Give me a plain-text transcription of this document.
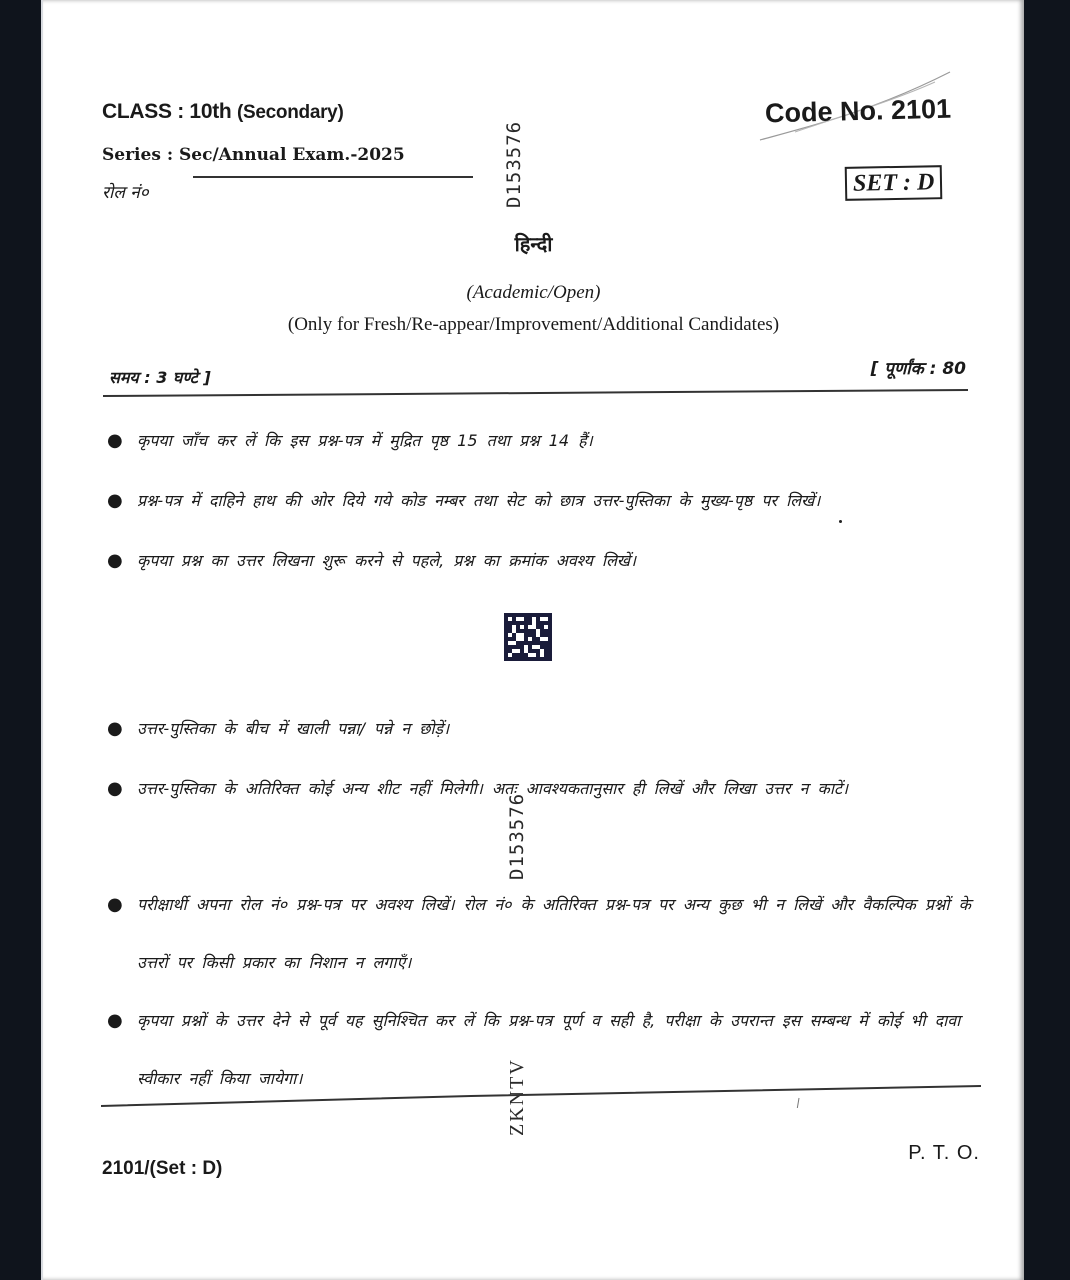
CLASS : 10th (Secondary)
Series : Sec/Annual Exam.-2025
रोल नं०	D153576
D153576
ZKNTV
Code No. 2101
SET : D
हिन्दी
(Academic/Open)
(Only for Fresh/Re-appear/Improvement/Additional Candidates)
समय : 3 घण्टे ]	[ पूर्णांक : 80
● कृपया जाँच कर लें कि इस प्रश्न-पत्र में मुद्रित पृष्ठ 15 तथा प्रश्न 14 हैं।
● प्रश्न-पत्र में दाहिने हाथ की ओर दिये गये कोड नम्बर तथा सेट को छात्र उत्तर-पुस्तिका के मुख्य-पृष्ठ पर लिखें।
● कृपया प्रश्न का उत्तर लिखना शुरू करने से पहले, प्रश्न का क्रमांक अवश्य लिखें।
● उत्तर-पुस्तिका के बीच में खाली पन्ना/ पन्ने न छोड़ें।
● उत्तर-पुस्तिका के अतिरिक्त कोई अन्य शीट नहीं मिलेगी। अतः आवश्यकतानुसार ही लिखें और लिखा उत्तर न काटें।
● परीक्षार्थी अपना रोल नं० प्रश्न-पत्र पर अवश्य लिखें। रोल नं० के अतिरिक्त प्रश्न-पत्र पर अन्य कुछ भी न लिखें और वैकल्पिक प्रश्नों के उत्तरों पर किसी प्रकार का निशान न लगाएँ।
● कृपया प्रश्नों के उत्तर देने से पूर्व यह सुनिश्चित कर लें कि प्रश्न-पत्र पूर्ण व सही है, परीक्षा के उपरान्त इस सम्बन्ध में कोई भी दावा स्वीकार नहीं किया जायेगा।
2101/(Set : D)
P. T. O.
